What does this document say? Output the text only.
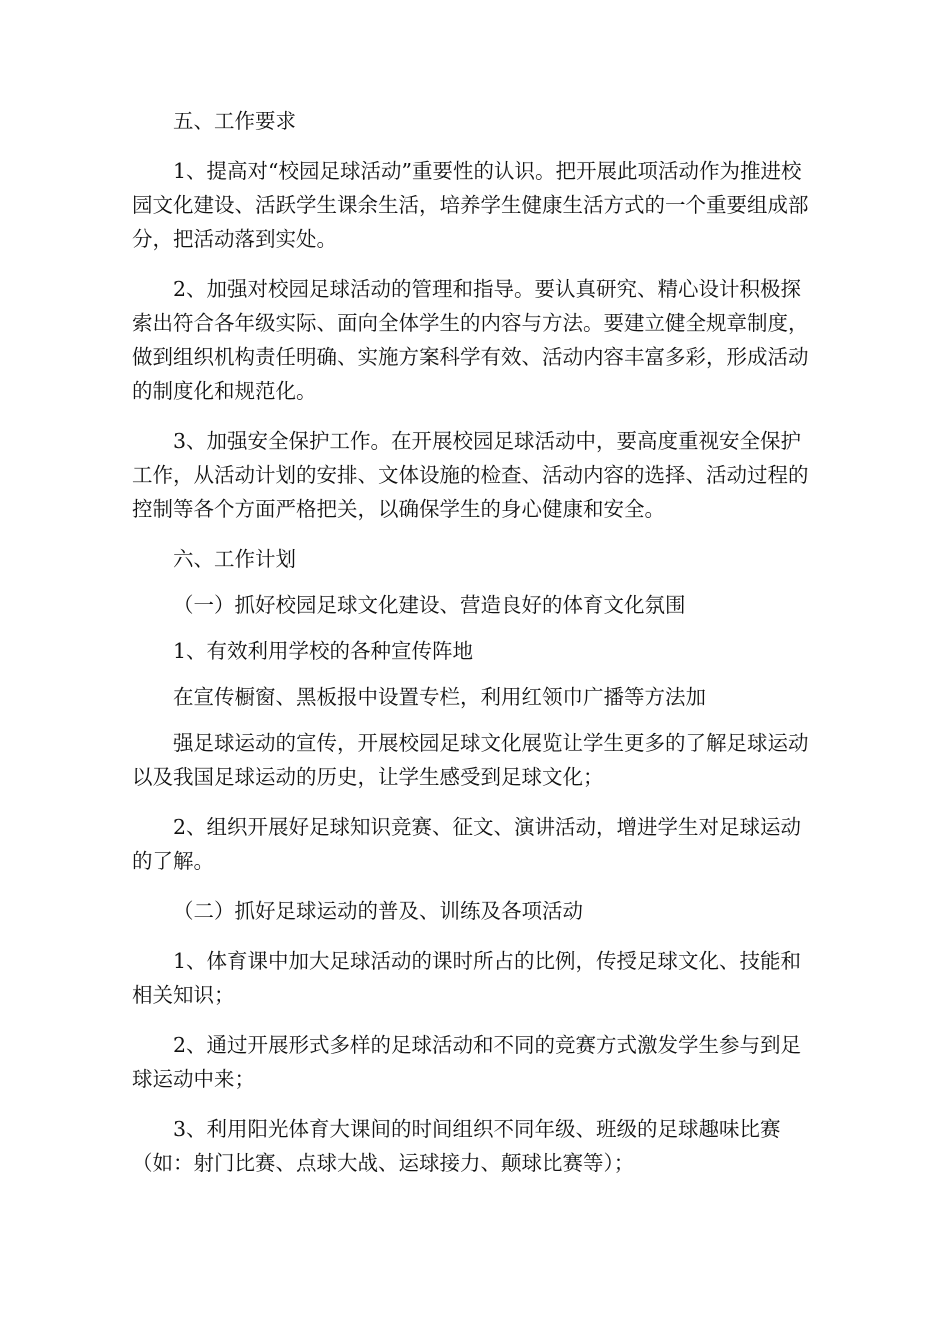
五、工作要求

1、提高对“校园足球活动”重要性的认识。把开展此项活动作为推进校园文化建设、活跃学生课余生活，培养学生健康生活方式的一个重要组成部分，把活动落到实处。

2、加强对校园足球活动的管理和指导。要认真研究、精心设计积极探索出符合各年级实际、面向全体学生的内容与方法。要建立健全规章制度，做到组织机构责任明确、实施方案科学有效、活动内容丰富多彩，形成活动的制度化和规范化。

3、加强安全保护工作。在开展校园足球活动中，要高度重视安全保护工作，从活动计划的安排、文体设施的检查、活动内容的选择、活动过程的控制等各个方面严格把关，以确保学生的身心健康和安全。

六、工作计划

（一）抓好校园足球文化建设、营造良好的体育文化氛围

1、有效利用学校的各种宣传阵地

在宣传橱窗、黑板报中设置专栏，利用红领巾广播等方法加

强足球运动的宣传，开展校园足球文化展览让学生更多的了解足球运动以及我国足球运动的历史，让学生感受到足球文化；

2、组织开展好足球知识竞赛、征文、演讲活动，增进学生对足球运动的了解。

（二）抓好足球运动的普及、训练及各项活动

1、体育课中加大足球活动的课时所占的比例，传授足球文化、技能和相关知识；

2、通过开展形式多样的足球活动和不同的竞赛方式激发学生参与到足球运动中来；

3、利用阳光体育大课间的时间组织不同年级、班级的足球趣味比赛（如：射门比赛、点球大战、运球接力、颠球比赛等）；
